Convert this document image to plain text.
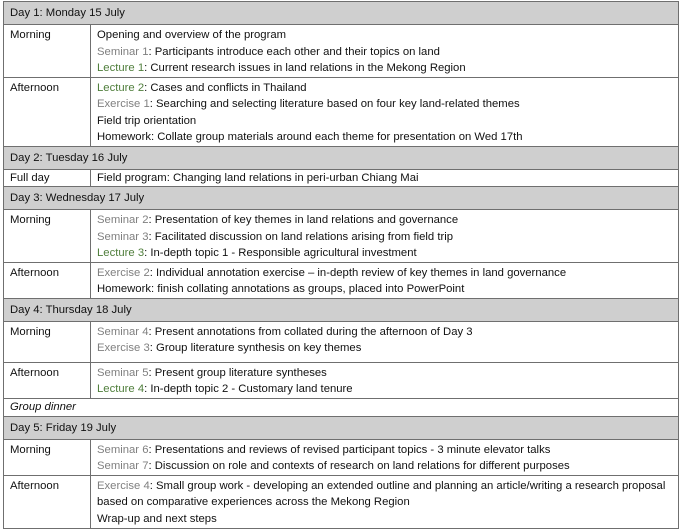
Day 1: Monday 15 July	
Morning	Opening and overview of the program
Seminar 1: Participants introduce each other and their topics on land
Lecture 1: Current research issues in land relations in the Mekong Region

Afternoon	Lecture 2: Cases and conflicts in Thailand
Exercise 1: Searching and selecting literature based on four key land-related themes
Field trip orientation
Homework: Collate group materials around each theme for presentation on Wed 17th

Day 2: Tuesday 16 July	
Full day	Field program: Changing land relations in peri-urban Chiang Mai

Day 3: Wednesday 17 July	
Morning	Seminar 2: Presentation of key themes in land relations and governance
Seminar 3: Facilitated discussion on land relations arising from field trip
Lecture 3: In-depth topic 1 - Responsible agricultural investment

Afternoon	Exercise 2: Individual annotation exercise – in-depth review of key themes in land governance
Homework: finish collating annotations as groups, placed into PowerPoint

Day 4: Thursday 18 July	
Morning	Seminar 4: Present annotations from collated during the afternoon of Day 3
Exercise 3: Group literature synthesis on key themes

Afternoon	Seminar 5: Present group literature syntheses
Lecture 4: In-depth topic 2 - Customary land tenure

Group dinner	
Day 5: Friday 19 July	
Morning	Seminar 6: Presentations and reviews of revised participant topics - 3 minute elevator talks
Seminar 7: Discussion on role and contexts of research on land relations for different purposes

Afternoon	Exercise 4: Small group work - developing an extended outline and planning an article/writing a research proposal based on comparative experiences across the Mekong Region
Wrap-up and next steps
